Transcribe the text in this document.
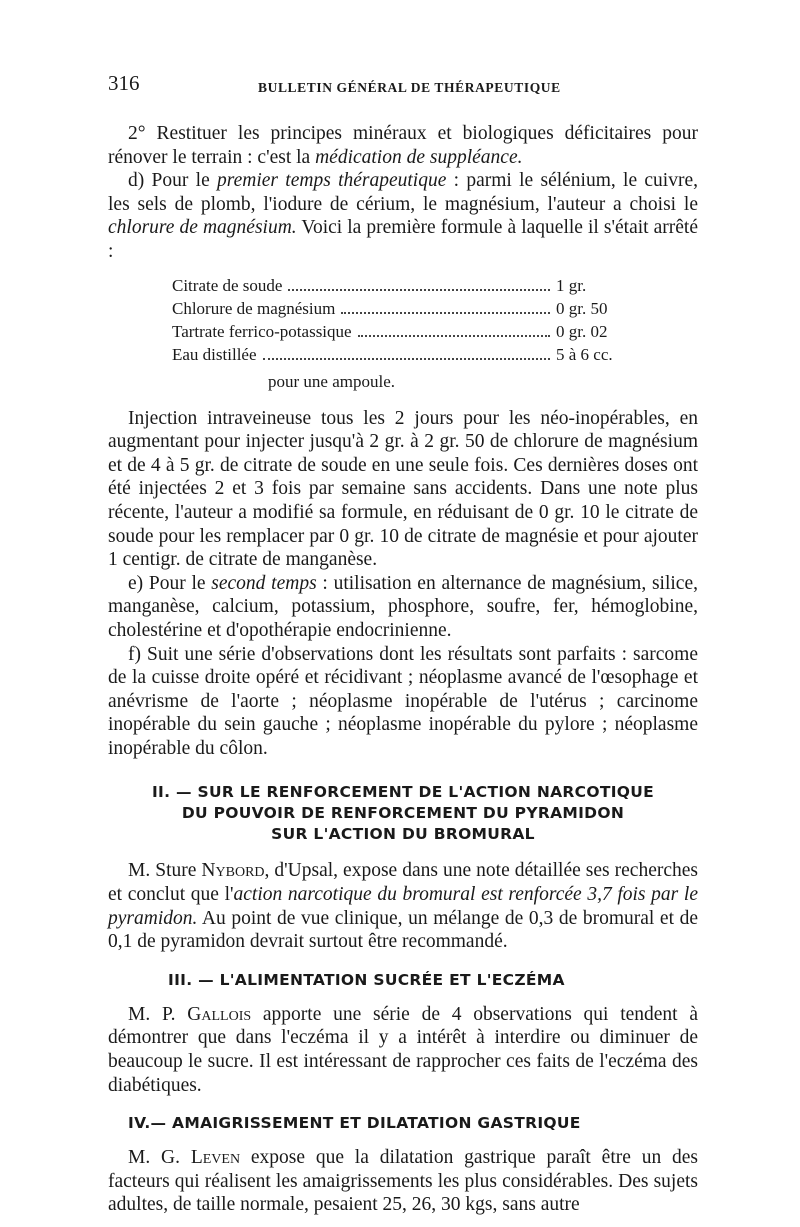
316	BULLETIN GÉNÉRAL DE THÉRAPEUTIQUE

2° Restituer les principes minéraux et biologiques déficitaires pour rénover le terrain : c'est la médication de suppléance.

d) Pour le premier temps thérapeutique : parmi le sélénium, le cuivre, les sels de plomb, l'iodure de cérium, le magnésium, l'auteur a choisi le chlorure de magnésium. Voici la première formule à laquelle il s'était arrêté :

Citrate de soude	1 gr.
Chlorure de magnésium	0 gr. 50
Tartrate ferrico-potassique	0 gr. 02
Eau distillée	5 à 6 cc.
pour une ampoule.

Injection intraveineuse tous les 2 jours pour les néo-inopérables, en augmentant pour injecter jusqu'à 2 gr. à 2 gr. 50 de chlorure de magnésium et de 4 à 5 gr. de citrate de soude en une seule fois. Ces dernières doses ont été injectées 2 et 3 fois par semaine sans accidents. Dans une note plus récente, l'auteur a modifié sa formule, en réduisant de 0 gr. 10 le citrate de soude pour les remplacer par 0 gr. 10 de citrate de magnésie et pour ajouter 1 centigr. de citrate de manganèse.

e) Pour le second temps : utilisation en alternance de magnésium, silice, manganèse, calcium, potassium, phosphore, soufre, fer, hémoglobine, cholestérine et d'opothérapie endocrinienne.

f) Suit une série d'observations dont les résultats sont parfaits : sarcome de la cuisse droite opéré et récidivant ; néoplasme avancé de l'œsophage et anévrisme de l'aorte ; néoplasme inopérable de l'utérus ; carcinome inopérable du sein gauche ; néoplasme inopérable du pylore ; néoplasme inopérable du côlon.

II. — SUR LE RENFORCEMENT DE L'ACTION NARCOTIQUE
DU POUVOIR DE RENFORCEMENT DU PYRAMIDON
SUR L'ACTION DU BROMURAL

M. Sture Nybord, d'Upsal, expose dans une note détaillée ses recherches et conclut que l'action narcotique du bromural est renforcée 3,7 fois par le pyramidon. Au point de vue clinique, un mélange de 0,3 de bromural et de 0,1 de pyramidon devrait surtout être recommandé.

III. — L'ALIMENTATION SUCRÉE ET L'ECZÉMA

M. P. Gallois apporte une série de 4 observations qui tendent à démontrer que dans l'eczéma il y a intérêt à interdire ou diminuer de beaucoup le sucre. Il est intéressant de rapprocher ces faits de l'eczéma des diabétiques.

IV.— AMAIGRISSEMENT ET DILATATION GASTRIQUE

M. G. Leven expose que la dilatation gastrique paraît être un des facteurs qui réalisent les amaigrissements les plus considérables. Des sujets adultes, de taille normale, pesaient 25, 26, 30 kgs, sans autre
